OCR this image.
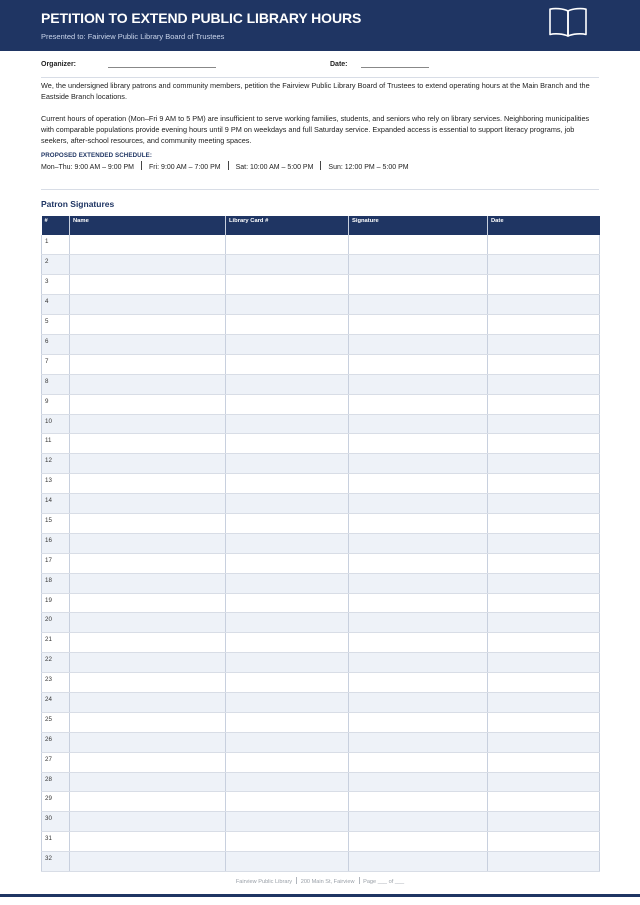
PETITION TO EXTEND PUBLIC LIBRARY HOURS
Presented to: Fairview Public Library Board of Trustees
Organizer:	Date:
We, the undersigned library patrons and community members, petition the Fairview Public Library Board of Trustees to extend operating hours at the Main Branch and the Eastside Branch locations.
Current hours of operation (Mon–Fri 9 AM to 5 PM) are insufficient to serve working families, students, and seniors who rely on library services. Neighboring municipalities with comparable populations provide evening hours until 9 PM on weekdays and full Saturday service. Expanded access is essential to support literacy programs, job seekers, after-school resources, and community meeting spaces.
PROPOSED EXTENDED SCHEDULE:
Mon–Thu: 9:00 AM – 9:00 PM Fri: 9:00 AM – 7:00 PM Sat: 10:00 AM – 5:00 PM Sun: 12:00 PM – 5:00 PM
Patron Signatures
#	Name	Library Card #	Signature	Date
1				
2				
3				
4				
5				
6				
7				
8				
9				
10				
11				
12				
13				
14				
15				
16				
17				
18				
19				
20				
21				
22				
23				
24				
25				
26				
27				
28				
29				
30				
31				
32				
Fairview Public Library 200 Main St, Fairview Page ___ of ___
